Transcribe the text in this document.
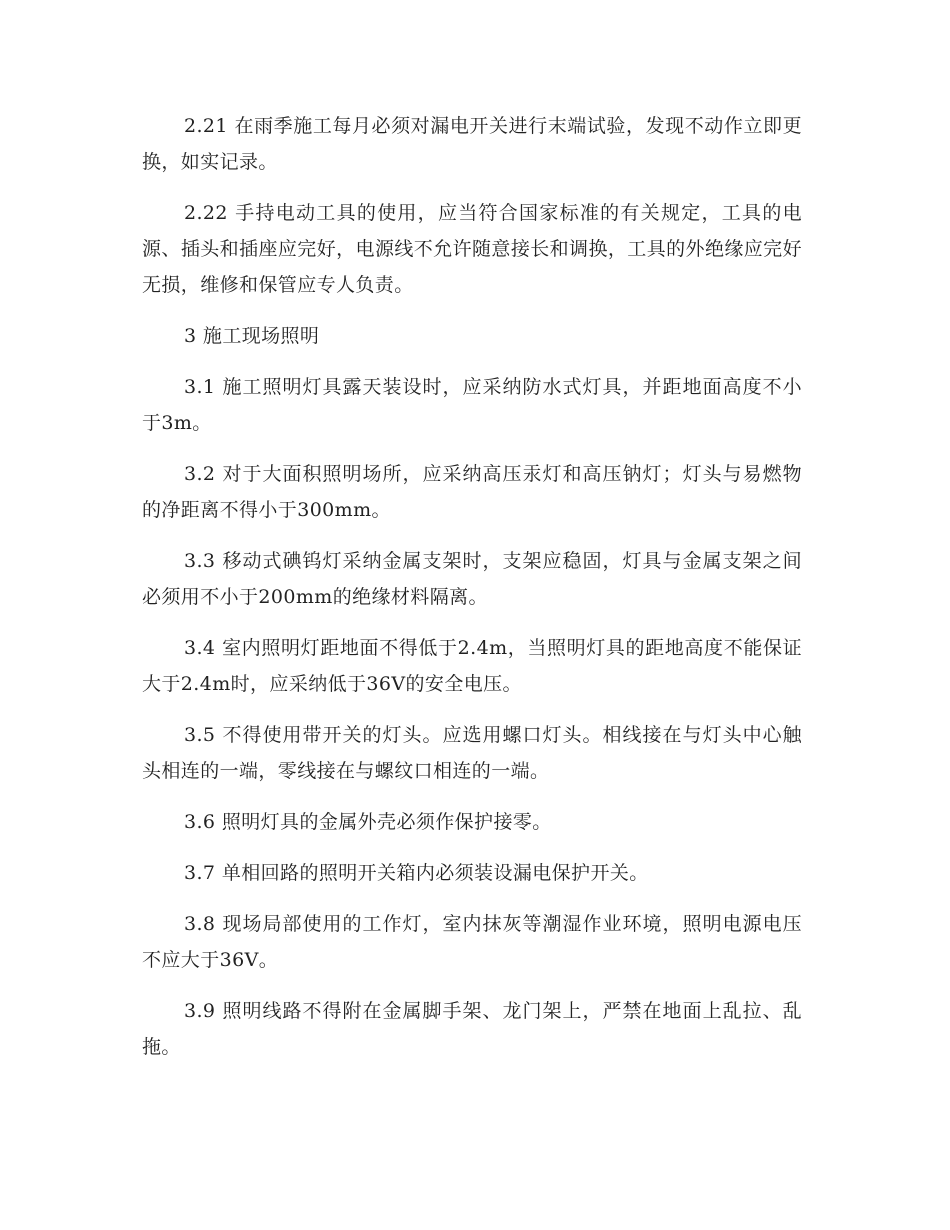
2.21 在雨季施工每月必须对漏电开关进行末端试验，发现不动作立即更换，如实记录。

2.22 手持电动工具的使用，应当符合国家标准的有关规定，工具的电源、插头和插座应完好，电源线不允许随意接长和调换，工具的外绝缘应完好无损，维修和保管应专人负责。

3 施工现场照明

3.1 施工照明灯具露天装设时，应采纳防水式灯具，并距地面高度不小于3m。

3.2 对于大面积照明场所，应采纳高压汞灯和高压钠灯；灯头与易燃物的净距离不得小于300mm。

3.3 移动式碘钨灯采纳金属支架时，支架应稳固，灯具与金属支架之间必须用不小于200mm的绝缘材料隔离。

3.4 室内照明灯距地面不得低于2.4m，当照明灯具的距地高度不能保证大于2.4m时，应采纳低于36V的安全电压。

3.5 不得使用带开关的灯头。应选用螺口灯头。相线接在与灯头中心触头相连的一端，零线接在与螺纹口相连的一端。

3.6 照明灯具的金属外壳必须作保护接零。

3.7 单相回路的照明开关箱内必须装设漏电保护开关。

3.8 现场局部使用的工作灯，室内抹灰等潮湿作业环境，照明电源电压不应大于36V。

3.9 照明线路不得附在金属脚手架、龙门架上，严禁在地面上乱拉、乱拖。
